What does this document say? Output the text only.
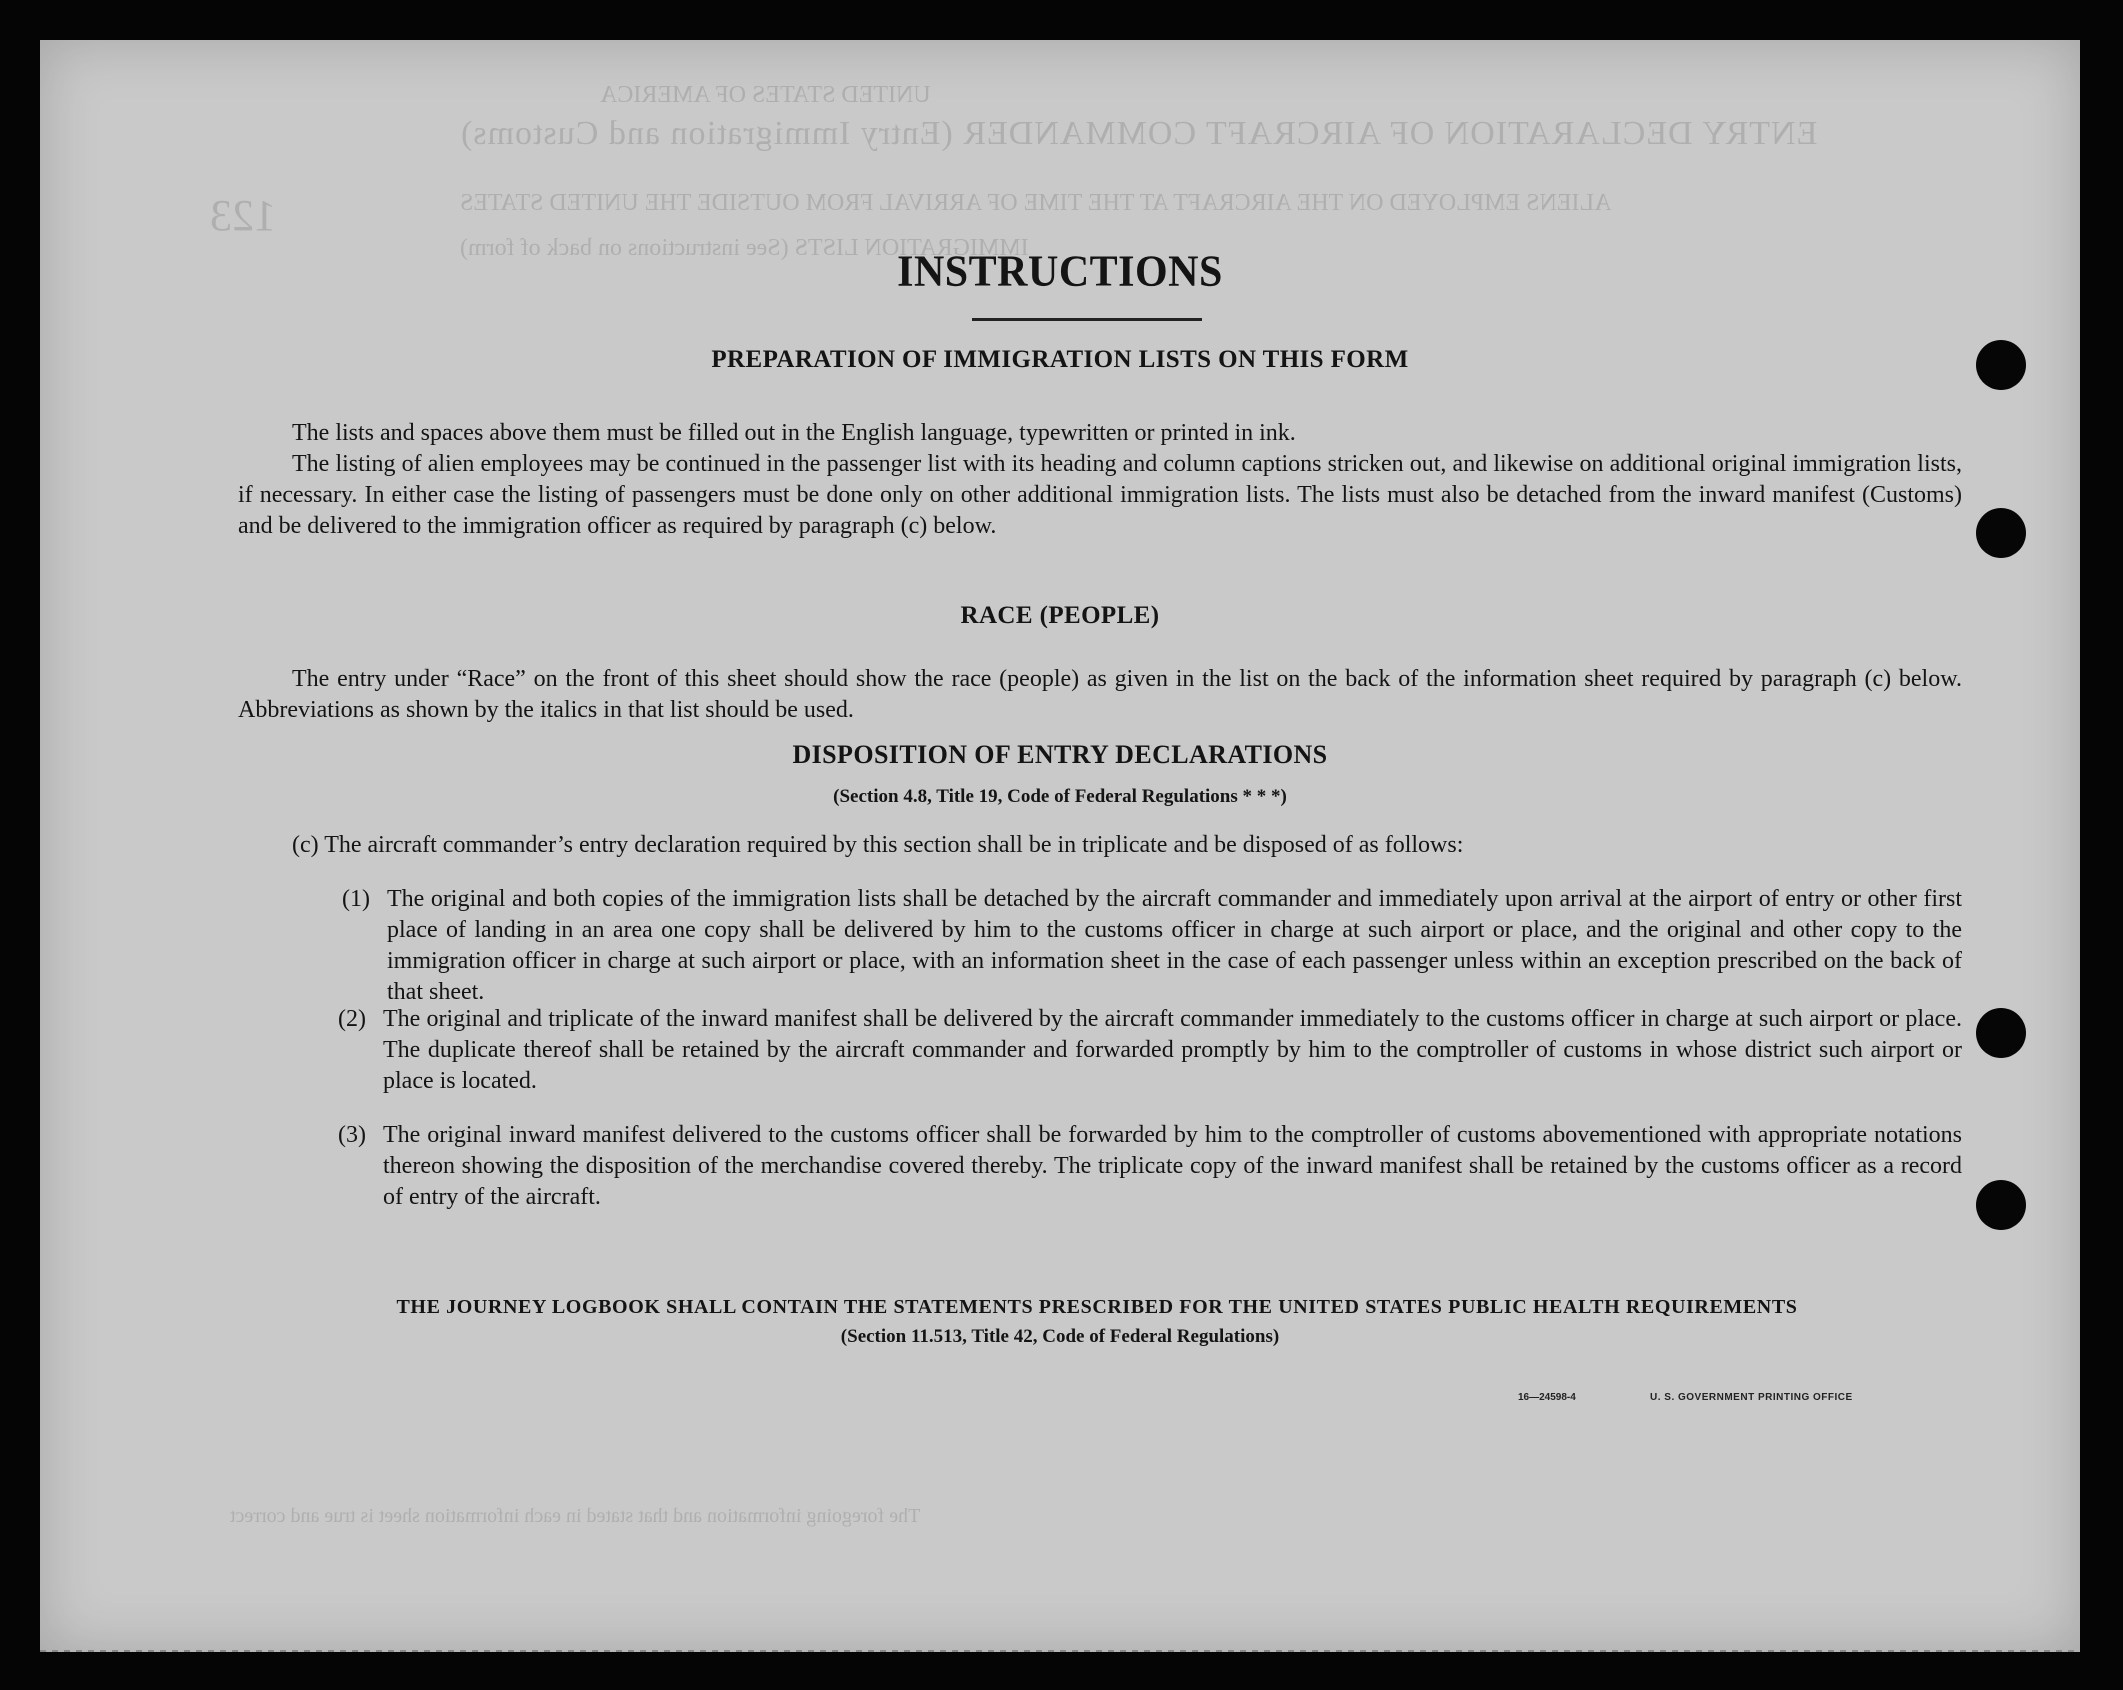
UNITED STATES OF AMERICA
ENTRY DECLARATION OF AIRCRAFT COMMANDER (Entry Immigration and Customs)
ALIENS EMPLOYED ON THE AIRCRAFT AT THE TIME OF ARRIVAL FROM OUTSIDE THE UNITED STATES
IMMIGRATION LISTS (See instructions on back of form)
The foregoing information and that stated in each information sheet is true and correct
123
INSTRUCTIONS
PREPARATION OF IMMIGRATION LISTS ON THIS FORM

The lists and spaces above them must be filled out in the English language, typewritten or printed in ink.

The listing of alien employees may be continued in the passenger list with its heading and column captions stricken out, and likewise on additional original immigration lists, if necessary. In either case the listing of passengers must be done only on other additional immigration lists. The lists must also be detached from the inward manifest (Customs) and be delivered to the immigration officer as required by paragraph (c) below.

RACE (PEOPLE)

The entry under “Race” on the front of this sheet should show the race (people) as given in the list on the back of the information sheet required by paragraph (c) below. Abbreviations as shown by the italics in that list should be used.

DISPOSITION OF ENTRY DECLARATIONS
(Section 4.8, Title 19, Code of Federal Regulations * * *)

(c) The aircraft commander’s entry declaration required by this section shall be in triplicate and be disposed of as follows:

(1) The original and both copies of the immigration lists shall be detached by the aircraft commander and immediately upon arrival at the airport of entry or other first place of landing in an area one copy shall be delivered by him to the customs officer in charge at such airport or place, and the original and other copy to the immigration officer in charge at such airport or place, with an information sheet in the case of each passenger unless within an exception prescribed on the back of that sheet.
(2) The original and triplicate of the inward manifest shall be delivered by the aircraft commander immediately to the customs officer in charge at such airport or place. The duplicate thereof shall be retained by the aircraft commander and forwarded promptly by him to the comptroller of customs in whose district such airport or place is located.
(3) The original inward manifest delivered to the customs officer shall be forwarded by him to the comptroller of customs abovementioned with appropriate notations thereon showing the disposition of the merchandise covered thereby. The triplicate copy of the inward manifest shall be retained by the customs officer as a record of entry of the aircraft.

THE JOURNEY LOGBOOK SHALL CONTAIN THE STATEMENTS PRESCRIBED FOR THE UNITED STATES PUBLIC HEALTH REQUIREMENTS

(Section 11.513, Title 42, Code of Federal Regulations)

16—24598-4	U. S. GOVERNMENT PRINTING OFFICE
